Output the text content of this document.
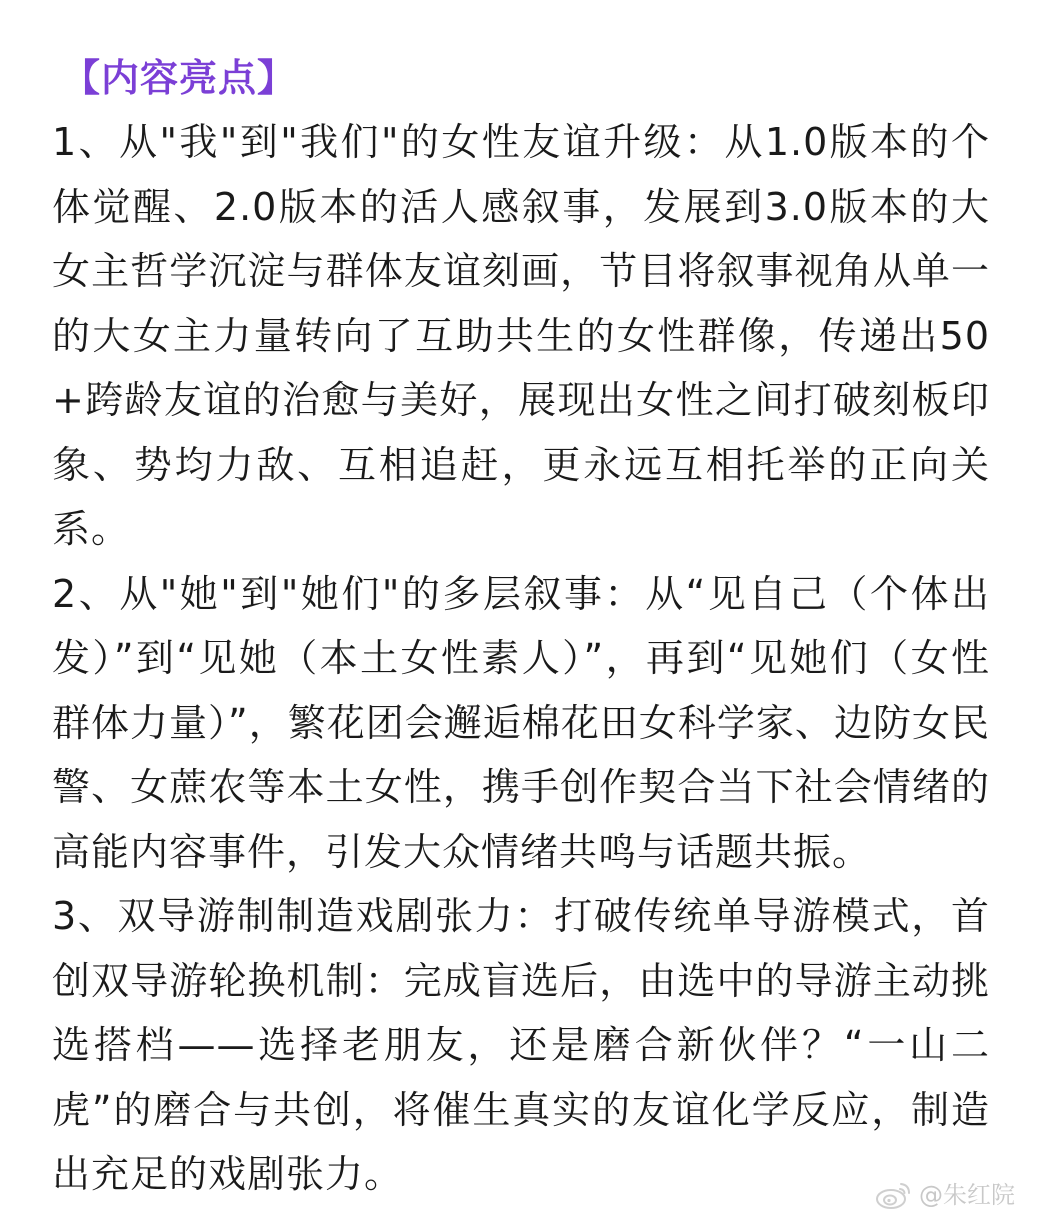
【内容亮点】

1、从"我"到"我们"的女性友谊升级：从1.0版本的个体觉醒、2.0版本的活人感叙事，发展到3.0版本的大女主哲学沉淀与群体友谊刻画，节目将叙事视角从单一的大女主力量转向了互助共生的女性群像，传递出50+跨龄友谊的治愈与美好，展现出女性之间打破刻板印象、势均力敌、互相追赶，更永远互相托举的正向关系。

2、从"她"到"她们"的多层叙事：从“见自己（个体出发）”到“见她（本土女性素人）”，再到“见她们（女性群体力量）”，繁花团会邂逅棉花田女科学家、边防女民警、女蔗农等本土女性，携手创作契合当下社会情绪的高能内容事件，引发大众情绪共鸣与话题共振。

3、双导游制制造戏剧张力：打破传统单导游模式，首创双导游轮换机制：完成盲选后，由选中的导游主动挑选搭档——选择老朋友，还是磨合新伙伴？“一山二虎”的磨合与共创，将催生真实的友谊化学反应，制造出充足的戏剧张力。	@朱红院
